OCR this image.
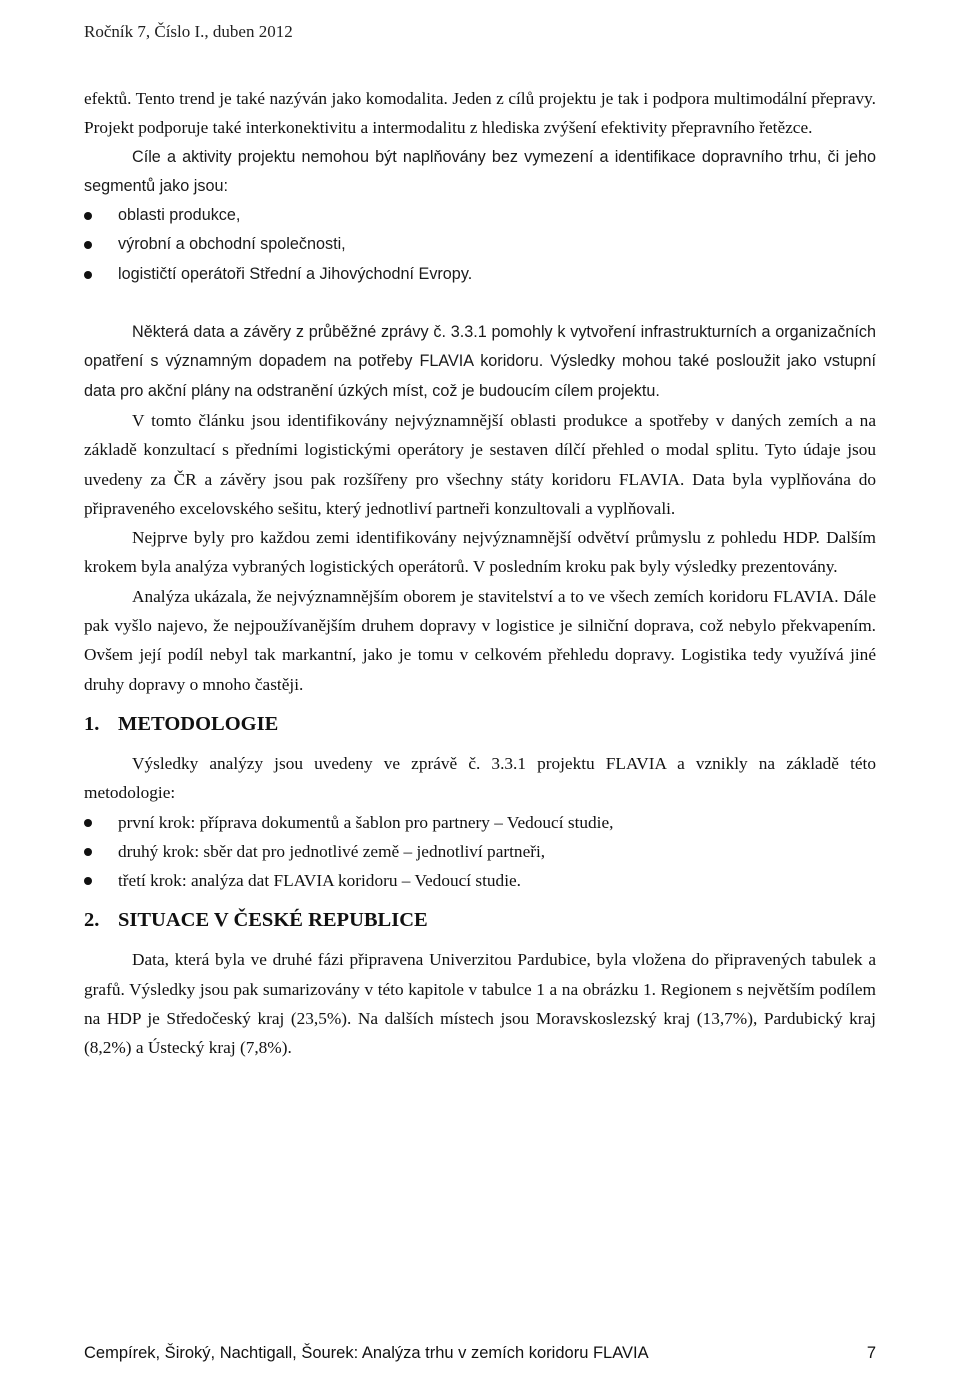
Ročník 7, Číslo I., duben 2012

efektů. Tento trend je také nazýván jako komodalita. Jeden z cílů projektu je tak i podpora multimodální přepravy. Projekt podporuje také interkonektivitu a intermodalitu z hlediska zvýšení efektivity přepravního řetězce.

Cíle a aktivity projektu nemohou být naplňovány bez vymezení a identifikace dopravního trhu, či jeho segmentů jako jsou:

oblasti produkce,
výrobní a obchodní společnosti,
logističtí operátoři Střední a Jihovýchodní Evropy.

Některá data a závěry z průběžné zprávy č. 3.3.1 pomohly k vytvoření infrastrukturních a organizačních opatření s významným dopadem na potřeby FLAVIA koridoru. Výsledky mohou také posloužit jako vstupní data pro akční plány na odstranění úzkých míst, což je budoucím cílem projektu.

V tomto článku jsou identifikovány nejvýznamnější oblasti produkce a spotřeby v daných zemích a na základě konzultací s předními logistickými operátory je sestaven dílčí přehled o modal splitu. Tyto údaje jsou uvedeny za ČR a závěry jsou pak rozšířeny pro všechny státy koridoru FLAVIA. Data byla vyplňována do připraveného excelovského sešitu, který jednotliví partneři konzultovali a vyplňovali.

Nejprve byly pro každou zemi identifikovány nejvýznamnější odvětví průmyslu z pohledu HDP. Dalším krokem byla analýza vybraných logistických operátorů. V posledním kroku pak byly výsledky prezentovány.

Analýza ukázala, že nejvýznamnějším oborem je stavitelství a to ve všech zemích koridoru FLAVIA. Dále pak vyšlo najevo, že nejpoužívanějším druhem dopravy v logistice je silniční doprava, což nebylo překvapením. Ovšem její podíl nebyl tak markantní, jako je tomu v celkovém přehledu dopravy. Logistika tedy využívá jiné druhy dopravy o mnoho častěji.

1. METODOLOGIE

Výsledky analýzy jsou uvedeny ve zprávě č. 3.3.1 projektu FLAVIA a vznikly na základě této metodologie:

první krok: příprava dokumentů a šablon pro partnery – Vedoucí studie,
druhý krok: sběr dat pro jednotlivé země – jednotliví partneři,
třetí krok: analýza dat FLAVIA koridoru – Vedoucí studie.
2. SITUACE V ČESKÉ REPUBLICE

Data, která byla ve druhé fázi připravena Univerzitou Pardubice, byla vložena do připravených tabulek a grafů. Výsledky jsou pak sumarizovány v této kapitole v tabulce 1 a na obrázku 1. Regionem s největším podílem na HDP je Středočeský kraj (23,5%). Na dalších místech jsou Moravskoslezský kraj (13,7%), Pardubický kraj (8,2%) a Ústecký kraj (7,8%).

Cempírek, Široký, Nachtigall, Šourek: Analýza trhu v zemích koridoru FLAVIA	7
